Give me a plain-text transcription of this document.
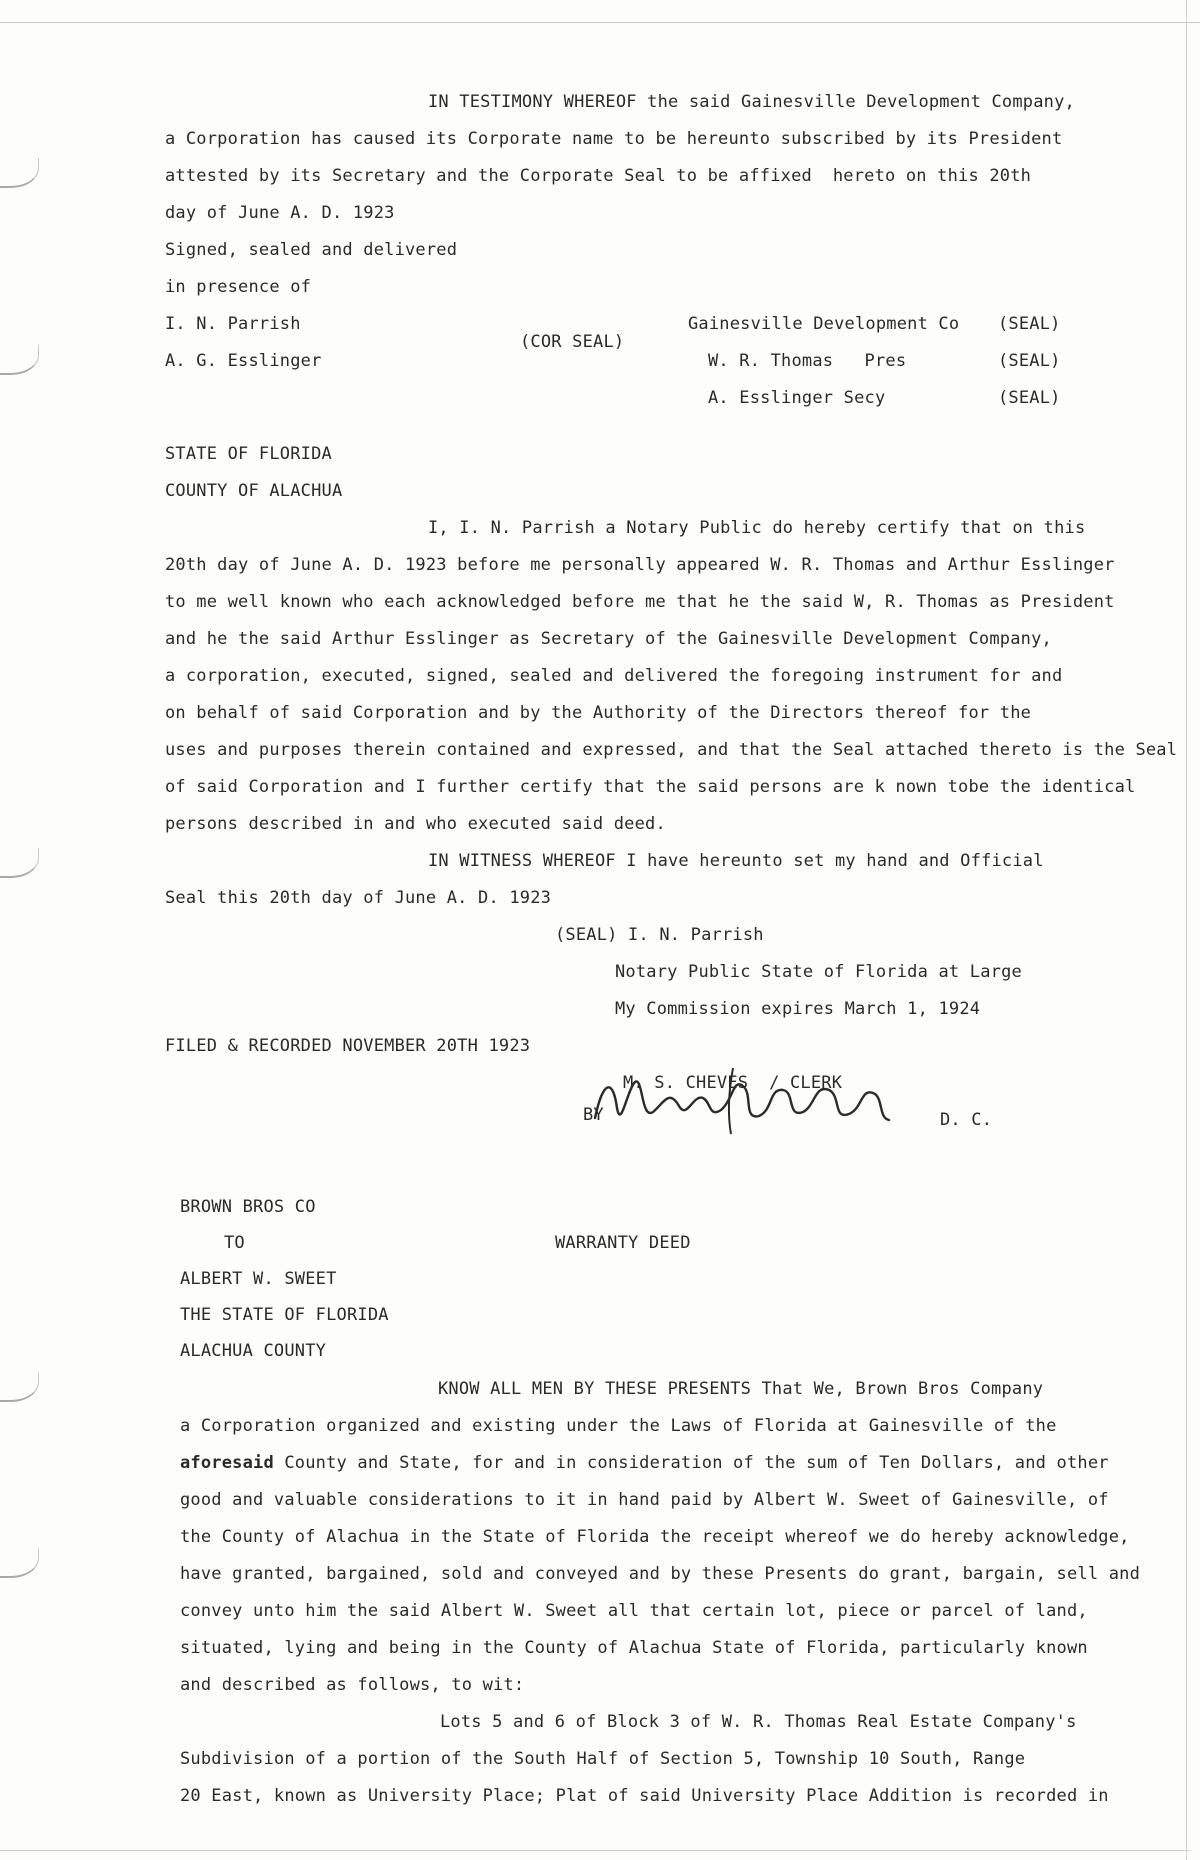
IN TESTIMONY WHEREOF the said Gainesville Development Company,
a Corporation has caused its Corporate name to be hereunto subscribed by its President
attested by its Secretary and the Corporate Seal to be affixed  hereto on this 20th
day of June A. D. 1923
Signed, sealed and delivered
in presence of
I. N. Parrish
A. G. Esslinger
(COR SEAL)
Gainesville Development Co (SEAL)
W. R. Thomas   Pres	(SEAL)
A. Esslinger Secy	(SEAL)
STATE OF FLORIDA
COUNTY OF ALACHUA
I, I. N. Parrish a Notary Public do hereby certify that on this
20th day of June A. D. 1923 before me personally appeared W. R. Thomas and Arthur Esslinger
to me well known who each acknowledged before me that he the said W, R. Thomas as President
and he the said Arthur Esslinger as Secretary of the Gainesville Development Company,
a corporation, executed, signed, sealed and delivered the foregoing instrument for and
on behalf of said Corporation and by the Authority of the Directors thereof for the
uses and purposes therein contained and expressed, and that the Seal attached thereto is the Seal
of said Corporation and I further certify that the said persons are k nown tobe the identical
persons described in and who executed said deed.
IN WITNESS WHEREOF I have hereunto set my hand and Official
Seal this 20th day of June A. D. 1923
(SEAL) I. N. Parrish
Notary Public State of Florida at Large
My Commission expires March 1, 1924
FILED & RECORDED NOVEMBER 20TH 1923
M. S. CHEVES  / CLERK
BY	D. C.
BROWN BROS CO
TO	WARRANTY DEED
ALBERT W. SWEET
THE STATE OF FLORIDA
ALACHUA COUNTY
KNOW ALL MEN BY THESE PRESENTS That We, Brown Bros Company
a Corporation organized and existing under the Laws of Florida at Gainesville of the
aforesaid County and State, for and in consideration of the sum of Ten Dollars, and other
good and valuable considerations to it in hand paid by Albert W. Sweet of Gainesville, of
the County of Alachua in the State of Florida the receipt whereof we do hereby acknowledge,
have granted, bargained, sold and conveyed and by these Presents do grant, bargain, sell and
convey unto him the said Albert W. Sweet all that certain lot, piece or parcel of land,
situated, lying and being in the County of Alachua State of Florida, particularly known
and described as follows, to wit:
Lots 5 and 6 of Block 3 of W. R. Thomas Real Estate Company's
Subdivision of a portion of the South Half of Section 5, Township 10 South, Range
20 East, known as University Place; Plat of said University Place Addition is recorded in
